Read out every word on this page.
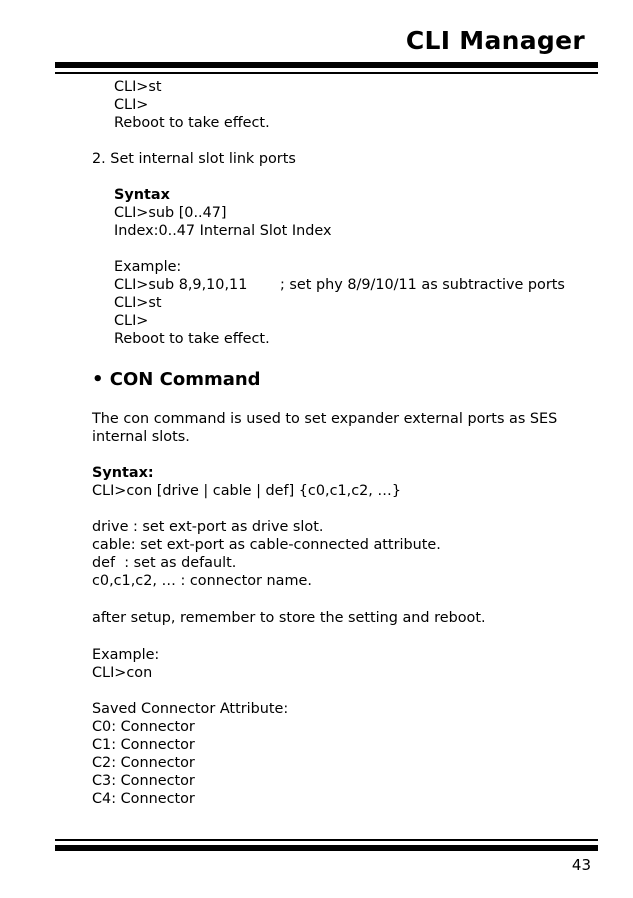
CLI Manager
CLI>st
CLI>
Reboot to take effect.
2. Set internal slot link ports
Syntax
CLI>sub [0..47]
Index:0..47 Internal Slot Index
Example:
CLI>sub 8,9,10,11 ; set phy 8/9/10/11 as subtractive ports
CLI>st
CLI>
Reboot to take effect.
• CON Command
The con command is used to set expander external ports as SES
internal slots.
Syntax:
CLI>con [drive | cable | def] {c0,c1,c2, …}
drive : set ext-port as drive slot.
cable: set ext-port as cable-connected attribute.
def  : set as default.
c0,c1,c2, … : connector name.
after setup, remember to store the setting and reboot.
Example:
CLI>con
Saved Connector Attribute:
C0: Connector
C1: Connector
C2: Connector
C3: Connector
C4: Connector
43
